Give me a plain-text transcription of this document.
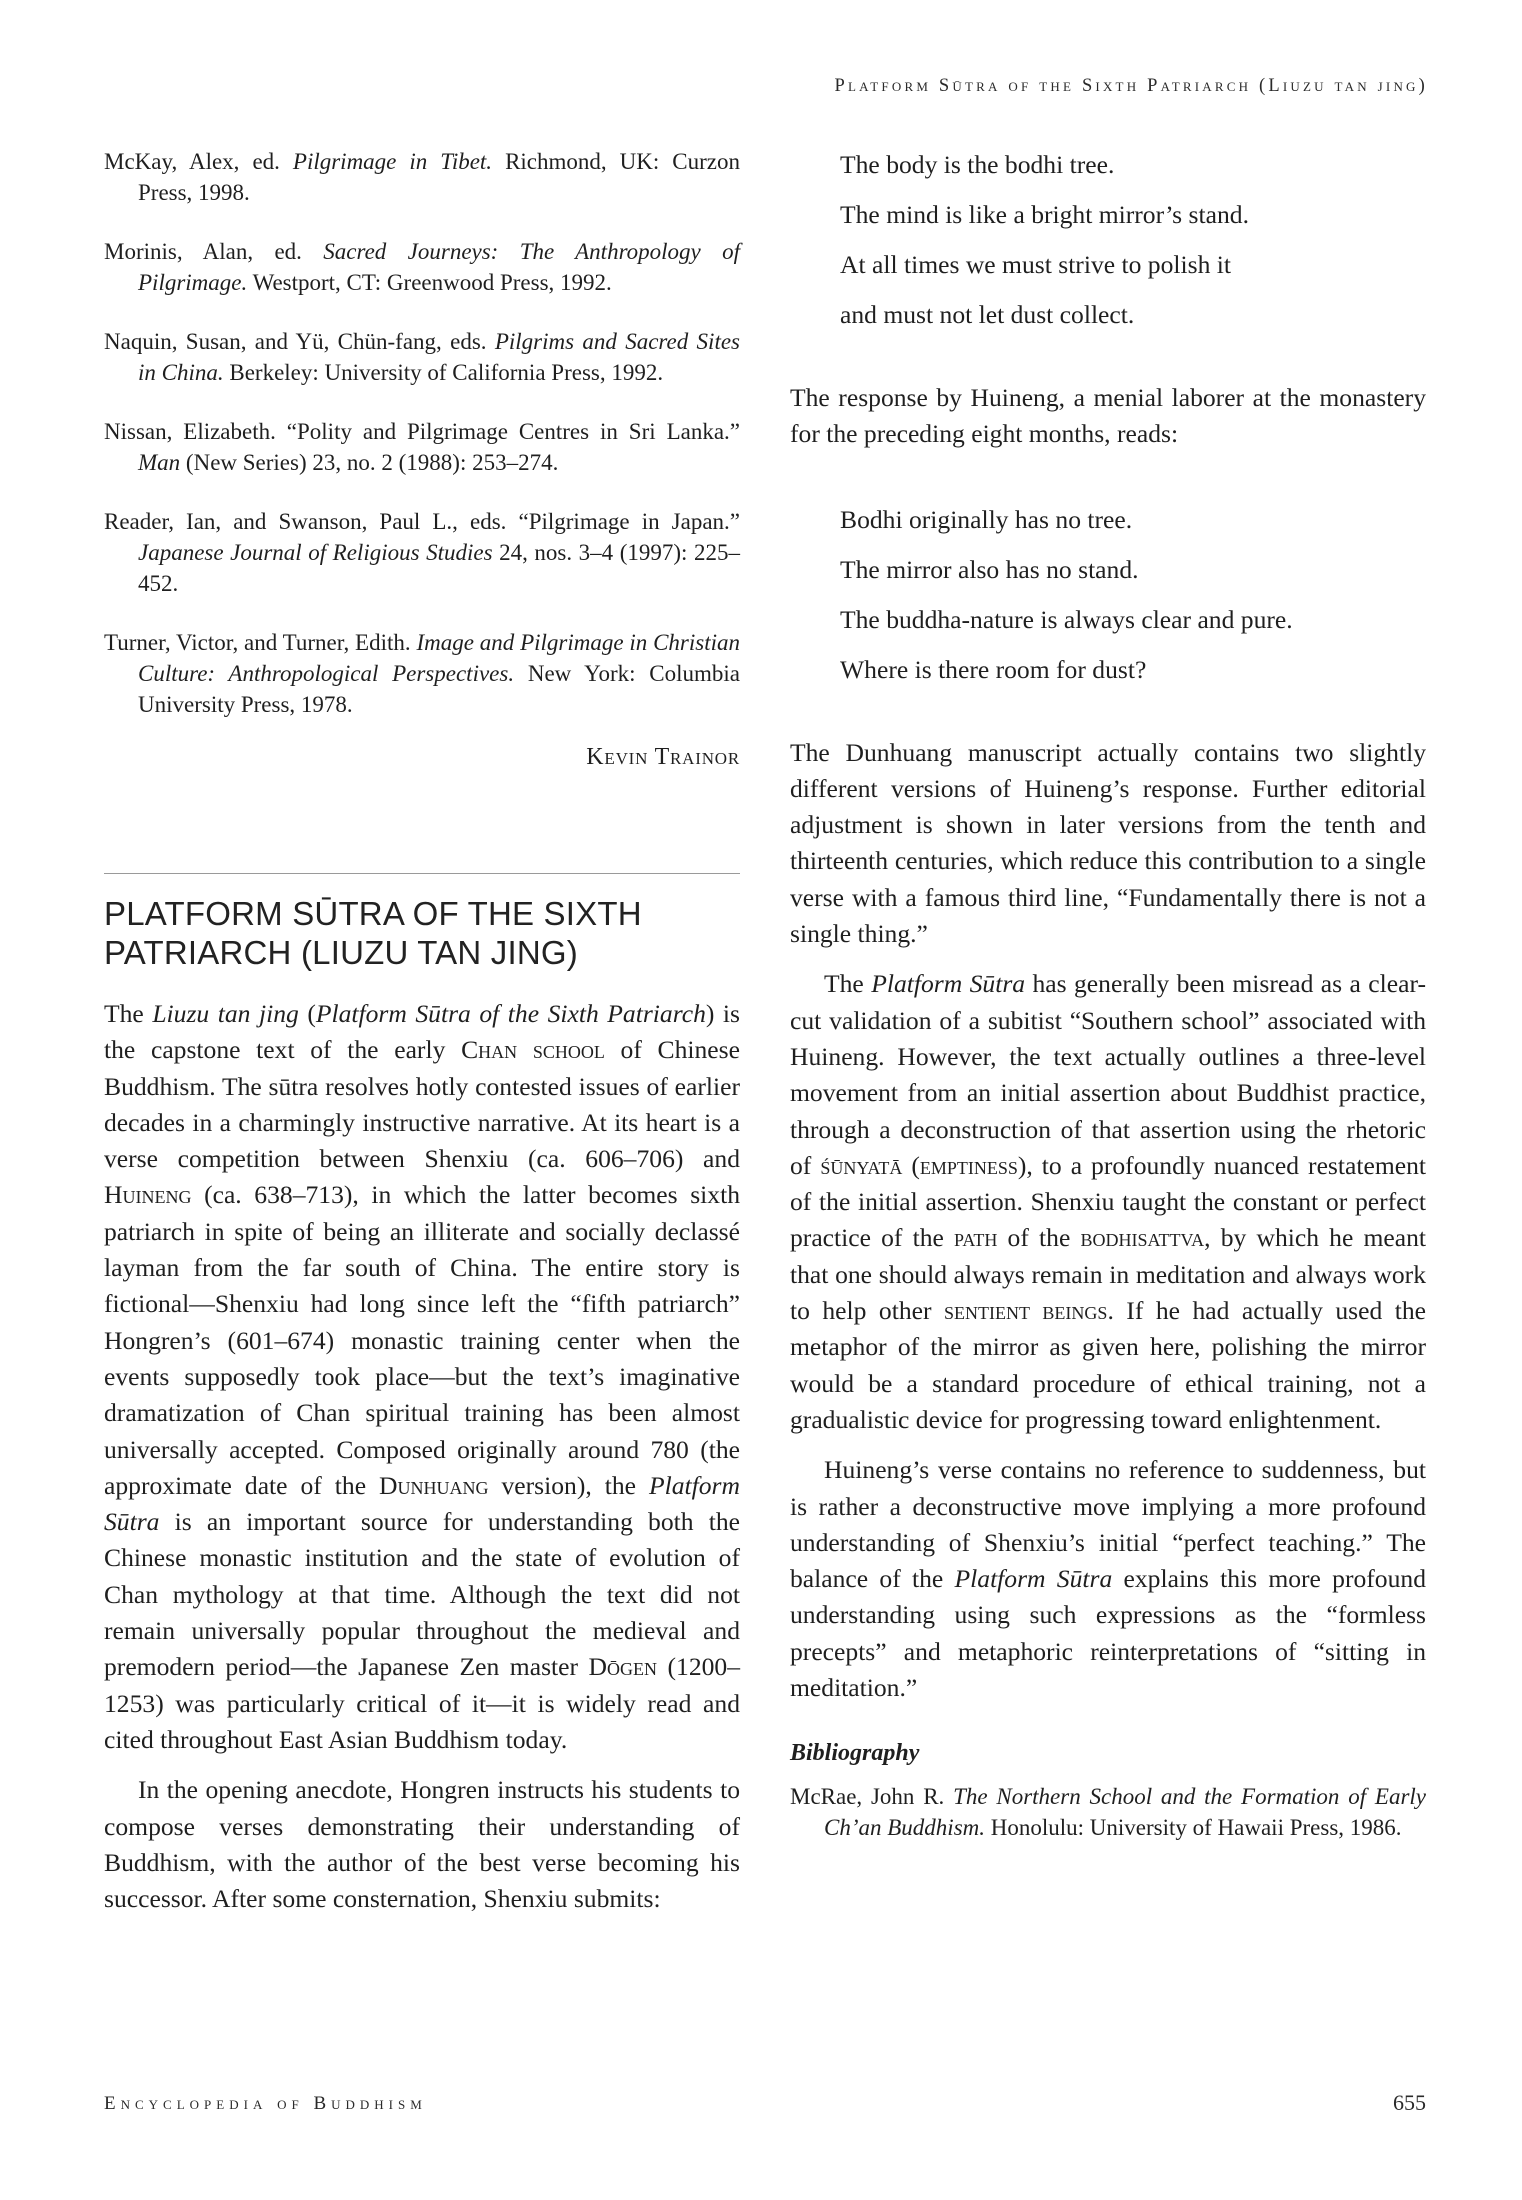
Platform Sūtra of the Sixth Patriarch (Liuzu tan jing)

McKay, Alex, ed. Pilgrimage in Tibet. Richmond, UK: Curzon Press, 1998.

Morinis, Alan, ed. Sacred Journeys: The Anthropology of Pilgrimage. Westport, CT: Greenwood Press, 1992.

Naquin, Susan, and Yü, Chün-fang, eds. Pilgrims and Sacred Sites in China. Berkeley: University of California Press, 1992.

Nissan, Elizabeth. “Polity and Pilgrimage Centres in Sri Lanka.” Man (New Series) 23, no. 2 (1988): 253–274.

Reader, Ian, and Swanson, Paul L., eds. “Pilgrimage in Japan.” Japanese Journal of Religious Studies 24, nos. 3–4 (1997): 225–452.

Turner, Victor, and Turner, Edith. Image and Pilgrimage in Christian Culture: Anthropological Perspectives. New York: Columbia University Press, 1978.

Kevin Trainor
PLATFORM SŪTRA OF THE SIXTH PATRIARCH (LIUZU TAN JING)

The Liuzu tan jing (Platform Sūtra of the Sixth Patriarch) is the capstone text of the early Chan school of Chinese Buddhism. The sūtra resolves hotly contested issues of earlier decades in a charmingly instructive narrative. At its heart is a verse competition between Shenxiu (ca. 606–706) and Huineng (ca. 638–713), in which the latter becomes sixth patriarch in spite of being an illiterate and socially declassé layman from the far south of China. The entire story is fictional—Shenxiu had long since left the “fifth patriarch” Hongren’s (601–674) monastic training center when the events supposedly took place—but the text’s imaginative dramatization of Chan spiritual training has been almost universally accepted. Composed originally around 780 (the approximate date of the Dunhuang version), the Platform Sūtra is an important source for understanding both the Chinese monastic institution and the state of evolution of Chan mythology at that time. Although the text did not remain universally popular throughout the medieval and premodern period—the Japanese Zen master Dōgen (1200–1253) was particularly critical of it—it is widely read and cited throughout East Asian Buddhism today.

In the opening anecdote, Hongren instructs his students to compose verses demonstrating their understanding of Buddhism, with the author of the best verse becoming his successor. After some consternation, Shenxiu submits:

The body is the bodhi tree.
The mind is like a bright mirror’s stand.
At all times we must strive to polish it
and must not let dust collect.

The response by Huineng, a menial laborer at the monastery for the preceding eight months, reads:

Bodhi originally has no tree.
The mirror also has no stand.
The buddha-nature is always clear and pure.
Where is there room for dust?

The Dunhuang manuscript actually contains two slightly different versions of Huineng’s response. Further editorial adjustment is shown in later versions from the tenth and thirteenth centuries, which reduce this contribution to a single verse with a famous third line, “Fundamentally there is not a single thing.”

The Platform Sūtra has generally been misread as a clear-cut validation of a subitist “Southern school” associated with Huineng. However, the text actually outlines a three-level movement from an initial assertion about Buddhist practice, through a deconstruction of that assertion using the rhetoric of śūnyatā (emptiness), to a profoundly nuanced restatement of the initial assertion. Shenxiu taught the constant or perfect practice of the path of the bodhisattva, by which he meant that one should always remain in meditation and always work to help other sentient beings. If he had actually used the metaphor of the mirror as given here, polishing the mirror would be a standard procedure of ethical training, not a gradualistic device for progressing toward enlightenment.

Huineng’s verse contains no reference to suddenness, but is rather a deconstructive move implying a more profound understanding of Shenxiu’s initial “perfect teaching.” The balance of the Platform Sūtra explains this more profound understanding using such expressions as the “formless precepts” and metaphoric reinterpretations of “sitting in meditation.”

Bibliography

McRae, John R. The Northern School and the Formation of Early Ch’an Buddhism. Honolulu: University of Hawaii Press, 1986.

Encyclopedia of Buddhism	655
